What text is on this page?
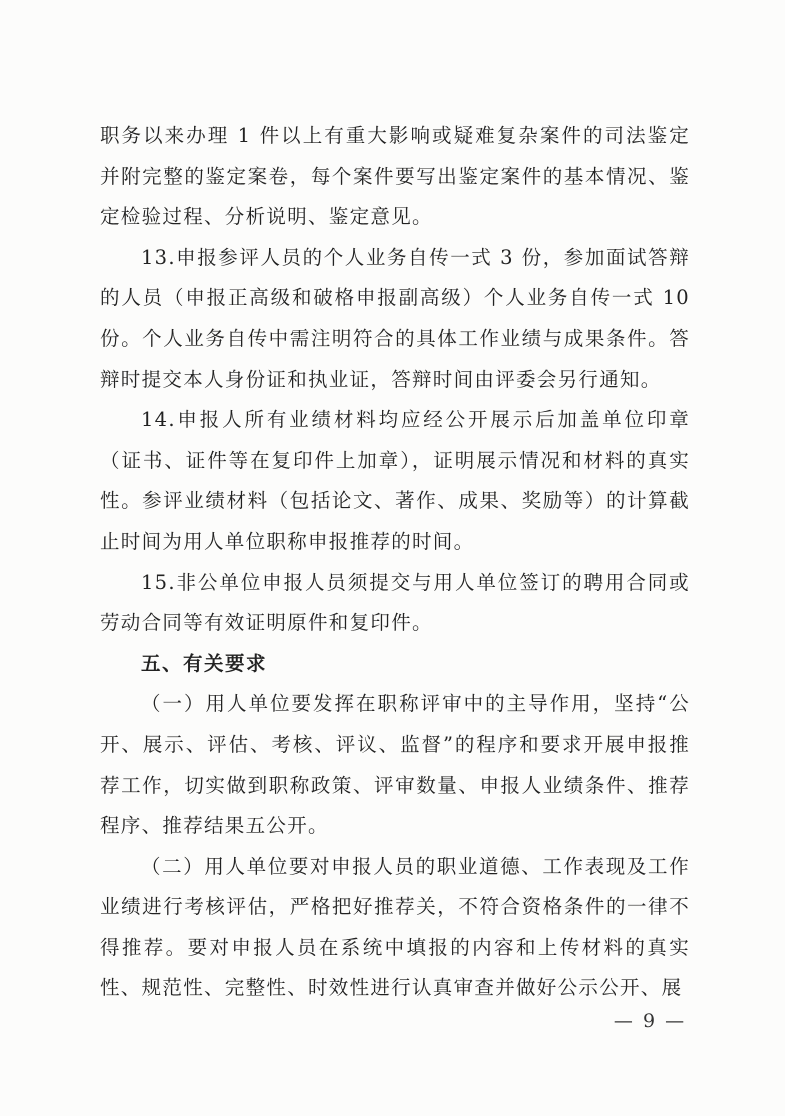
职务以来办理 1 件以上有重大影响或疑难复杂案件的司法鉴定并附完整的鉴定案卷，每个案件要写出鉴定案件的基本情况、鉴定检验过程、分析说明、鉴定意见。

13.申报参评人员的个人业务自传一式 3 份，参加面试答辩的人员（申报正高级和破格申报副高级）个人业务自传一式 10 份。个人业务自传中需注明符合的具体工作业绩与成果条件。答辩时提交本人身份证和执业证，答辩时间由评委会另行通知。

14.申报人所有业绩材料均应经公开展示后加盖单位印章（证书、证件等在复印件上加章），证明展示情况和材料的真实性。参评业绩材料（包括论文、著作、成果、奖励等）的计算截止时间为用人单位职称申报推荐的时间。

15.非公单位申报人员须提交与用人单位签订的聘用合同或劳动合同等有效证明原件和复印件。

五、有关要求

（一）用人单位要发挥在职称评审中的主导作用，坚持“公开、展示、评估、考核、评议、监督”的程序和要求开展申报推荐工作，切实做到职称政策、评审数量、申报人业绩条件、推荐程序、推荐结果五公开。

（二）用人单位要对申报人员的职业道德、工作表现及工作业绩进行考核评估，严格把好推荐关，不符合资格条件的一律不得推荐。要对申报人员在系统中填报的内容和上传材料的真实性、规范性、完整性、时效性进行认真审查并做好公示公开、展

— 9 —
